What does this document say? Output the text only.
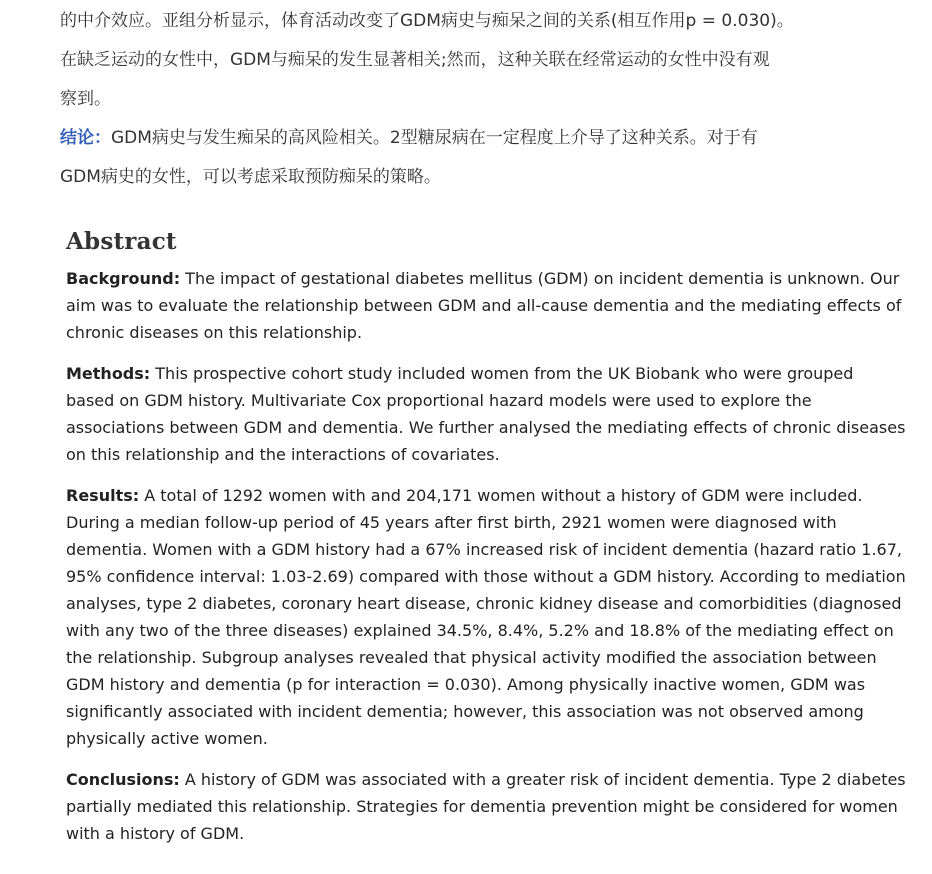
的中介效应。亚组分析显示，体育活动改变了GDM病史与痴呆之间的关系(相互作用p = 0.030)。
在缺乏运动的女性中，GDM与痴呆的发生显著相关;然而，这种关联在经常运动的女性中没有观
察到。

结论：GDM病史与发生痴呆的高风险相关。2型糖尿病在一定程度上介导了这种关系。对于有
GDM病史的女性，可以考虑采取预防痴呆的策略。

Abstract

Background: The impact of gestational diabetes mellitus (GDM) on incident dementia is unknown. Our aim was to evaluate the relationship between GDM and all-cause dementia and the mediating effects of chronic diseases on this relationship.

Methods: This prospective cohort study included women from the UK Biobank who were grouped based on GDM history. Multivariate Cox proportional hazard models were used to explore the associations between GDM and dementia. We further analysed the mediating effects of chronic diseases on this relationship and the interactions of covariates.

Results: A total of 1292 women with and 204,171 women without a history of GDM were included. During a median follow-up period of 45 years after first birth, 2921 women were diagnosed with dementia. Women with a GDM history had a 67% increased risk of incident dementia (hazard ratio 1.67, 95% confidence interval: 1.03-2.69) compared with those without a GDM history. According to mediation analyses, type 2 diabetes, coronary heart disease, chronic kidney disease and comorbidities (diagnosed with any two of the three diseases) explained 34.5%, 8.4%, 5.2% and 18.8% of the mediating effect on the relationship. Subgroup analyses revealed that physical activity modified the association between GDM history and dementia (p for interaction = 0.030). Among physically inactive women, GDM was significantly associated with incident dementia; however, this association was not observed among physically active women.

Conclusions: A history of GDM was associated with a greater risk of incident dementia. Type 2 diabetes partially mediated this relationship. Strategies for dementia prevention might be considered for women with a history of GDM.
